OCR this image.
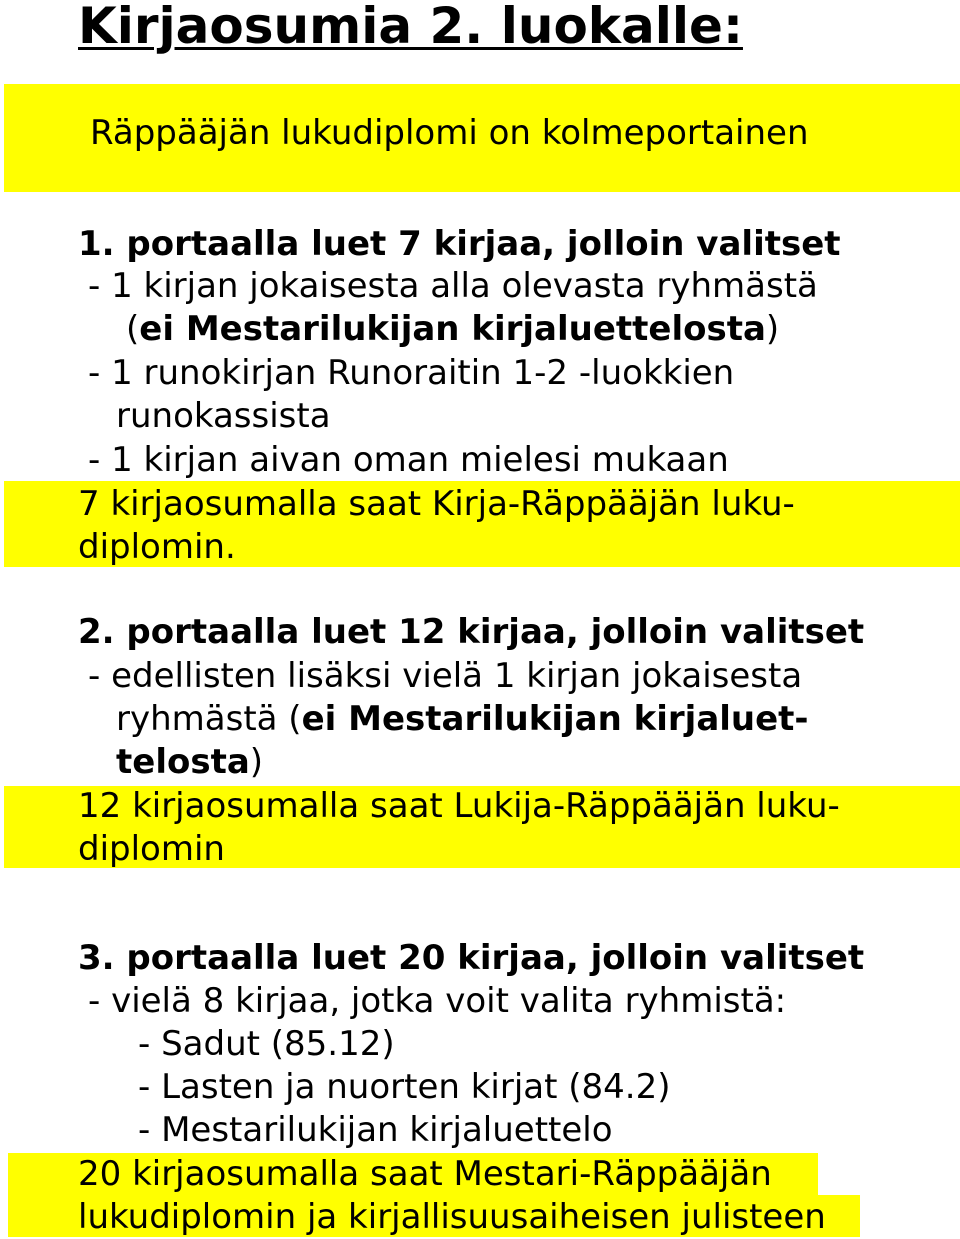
Kirjaosumia 2. luokalle:

Räppääjän lukudiplomi on kolmeportainen

1. portaalla luet 7 kirjaa, jolloin valitset

- 1 kirjan jokaisesta alla olevasta ryhmästä

(ei Mestarilukijan kirjaluettelosta)

- 1 runokirjan Runoraitin 1-2 -luokkien

runokassista

- 1 kirjan aivan oman mielesi mukaan

7 kirjaosumalla saat Kirja-Räppääjän luku-

diplomin.

2. portaalla luet 12 kirjaa, jolloin valitset

- edellisten lisäksi vielä 1 kirjan jokaisesta

ryhmästä (ei Mestarilukijan kirjaluet-

telosta)

12 kirjaosumalla saat Lukija-Räppääjän luku-

diplomin

3. portaalla luet 20 kirjaa, jolloin valitset

- vielä 8 kirjaa, jotka voit valita ryhmistä:

- Sadut (85.12)

- Lasten ja nuorten kirjat (84.2)

- Mestarilukijan kirjaluettelo

20 kirjaosumalla saat Mestari-Räppääjän

lukudiplomin ja kirjallisuusaiheisen julisteen
